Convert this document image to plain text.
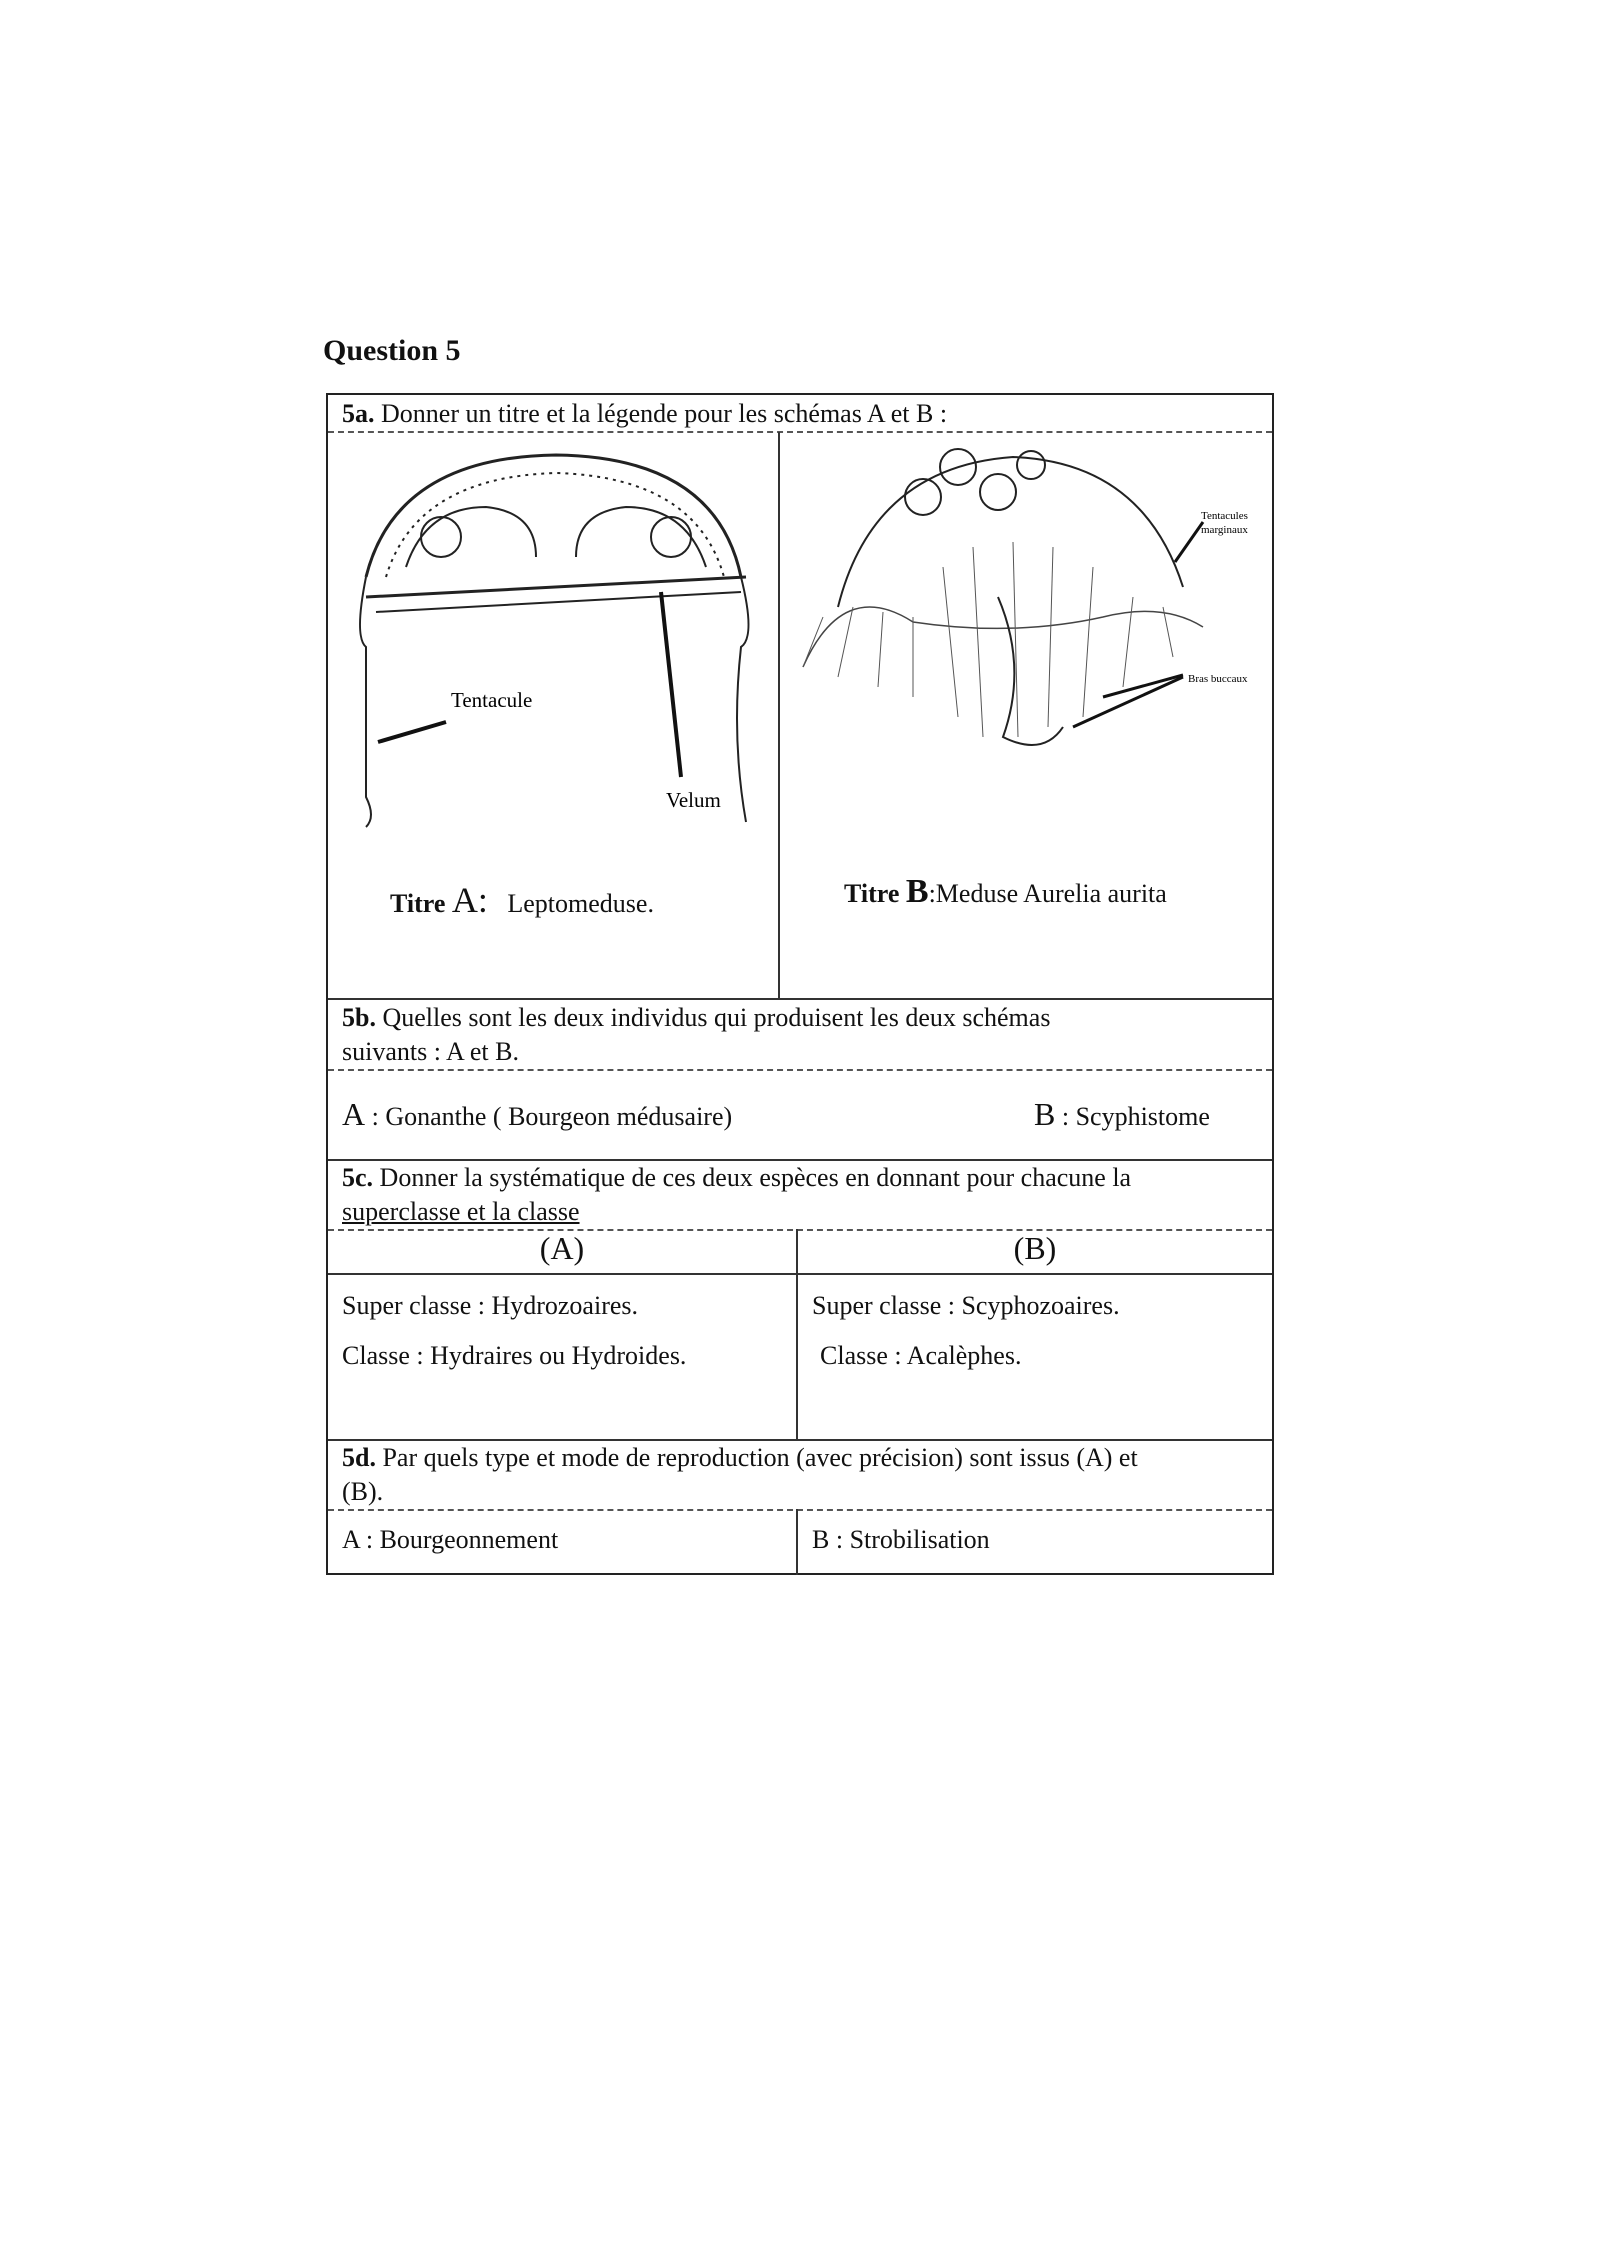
Question 5
5a. Donner un titre et la légende pour les schémas A et B :
Tentacule
Velum
Tentacules
marginaux
Bras buccaux
Titre A: Leptomeduse.	Titre B:Meduse Aurelia aurita
5b. Quelles sont les deux individus qui produisent les deux schémas
suivants : A et B.
A : Gonanthe ( Bourgeon médusaire)	B : Scyphistome
5c. Donner la systématique de ces deux espèces en donnant pour chacune la
superclasse et la classe
(A)	(B)
Super classe : Hydrozoaires.
Classe : Hydraires ou Hydroides.
Super classe : Scyphozoaires.
Classe : Acalèphes.
5d. Par quels type et mode de reproduction (avec précision) sont issus (A) et
(B).
A : Bourgeonnement	B : Strobilisation
